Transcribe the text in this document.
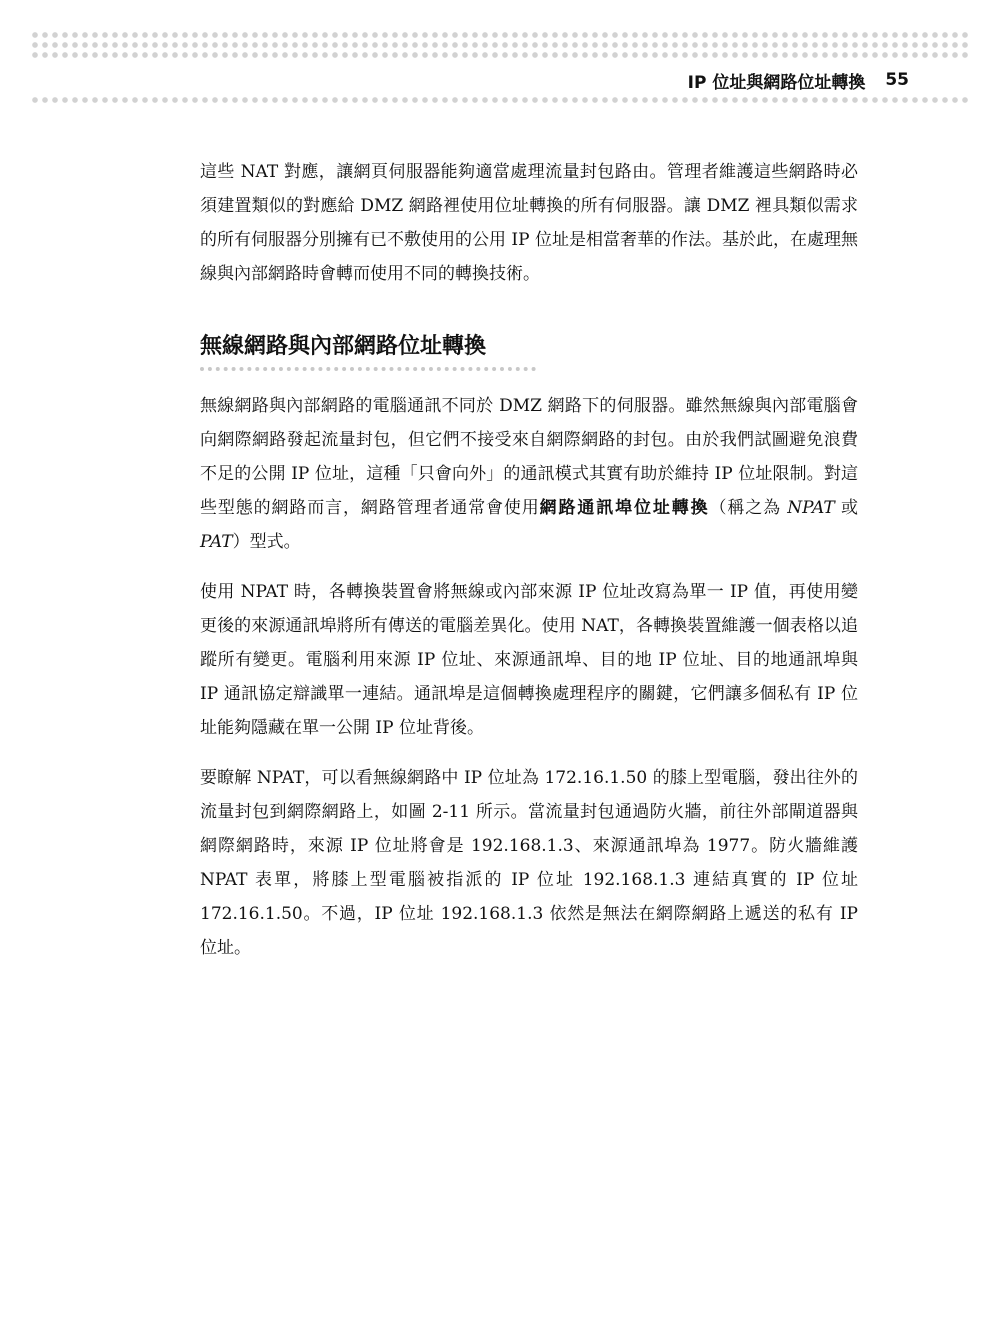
IP 位址與網路位址轉換 55

這些 NAT 對應，讓網頁伺服器能夠適當處理流量封包路由。管理者維護這些網路時必須建置類似的對應給 DMZ 網路裡使用位址轉換的所有伺服器。讓 DMZ 裡具類似需求的所有伺服器分別擁有已不敷使用的公用 IP 位址是相當奢華的作法。基於此，在處理無線與內部網路時會轉而使用不同的轉換技術。

無線網路與內部網路位址轉換

無線網路與內部網路的電腦通訊不同於 DMZ 網路下的伺服器。雖然無線與內部電腦會向網際網路發起流量封包，但它們不接受來自網際網路的封包。由於我們試圖避免浪費不足的公開 IP 位址，這種「只會向外」的通訊模式其實有助於維持 IP 位址限制。對這些型態的網路而言，網路管理者通常會使用網路通訊埠位址轉換（稱之為 NPAT 或 PAT）型式。

使用 NPAT 時，各轉換裝置會將無線或內部來源 IP 位址改寫為單一 IP 值，再使用變更後的來源通訊埠將所有傳送的電腦差異化。使用 NAT，各轉換裝置維護一個表格以追蹤所有變更。電腦利用來源 IP 位址、來源通訊埠、目的地 IP 位址、目的地通訊埠與 IP 通訊協定辯識單一連結。通訊埠是這個轉換處理程序的關鍵，它們讓多個私有 IP 位址能夠隱藏在單一公開 IP 位址背後。

要瞭解 NPAT，可以看無線網路中 IP 位址為 172.16.1.50 的膝上型電腦，發出往外的流量封包到網際網路上，如圖 2-11 所示。當流量封包通過防火牆，前往外部閘道器與網際網路時，來源 IP 位址將會是 192.168.1.3、來源通訊埠為 1977。防火牆維護 NPAT 表單，將膝上型電腦被指派的 IP 位址 192.168.1.3 連結真實的 IP 位址 172.16.1.50。不過，IP 位址 192.168.1.3 依然是無法在網際網路上遞送的私有 IP 位址。
